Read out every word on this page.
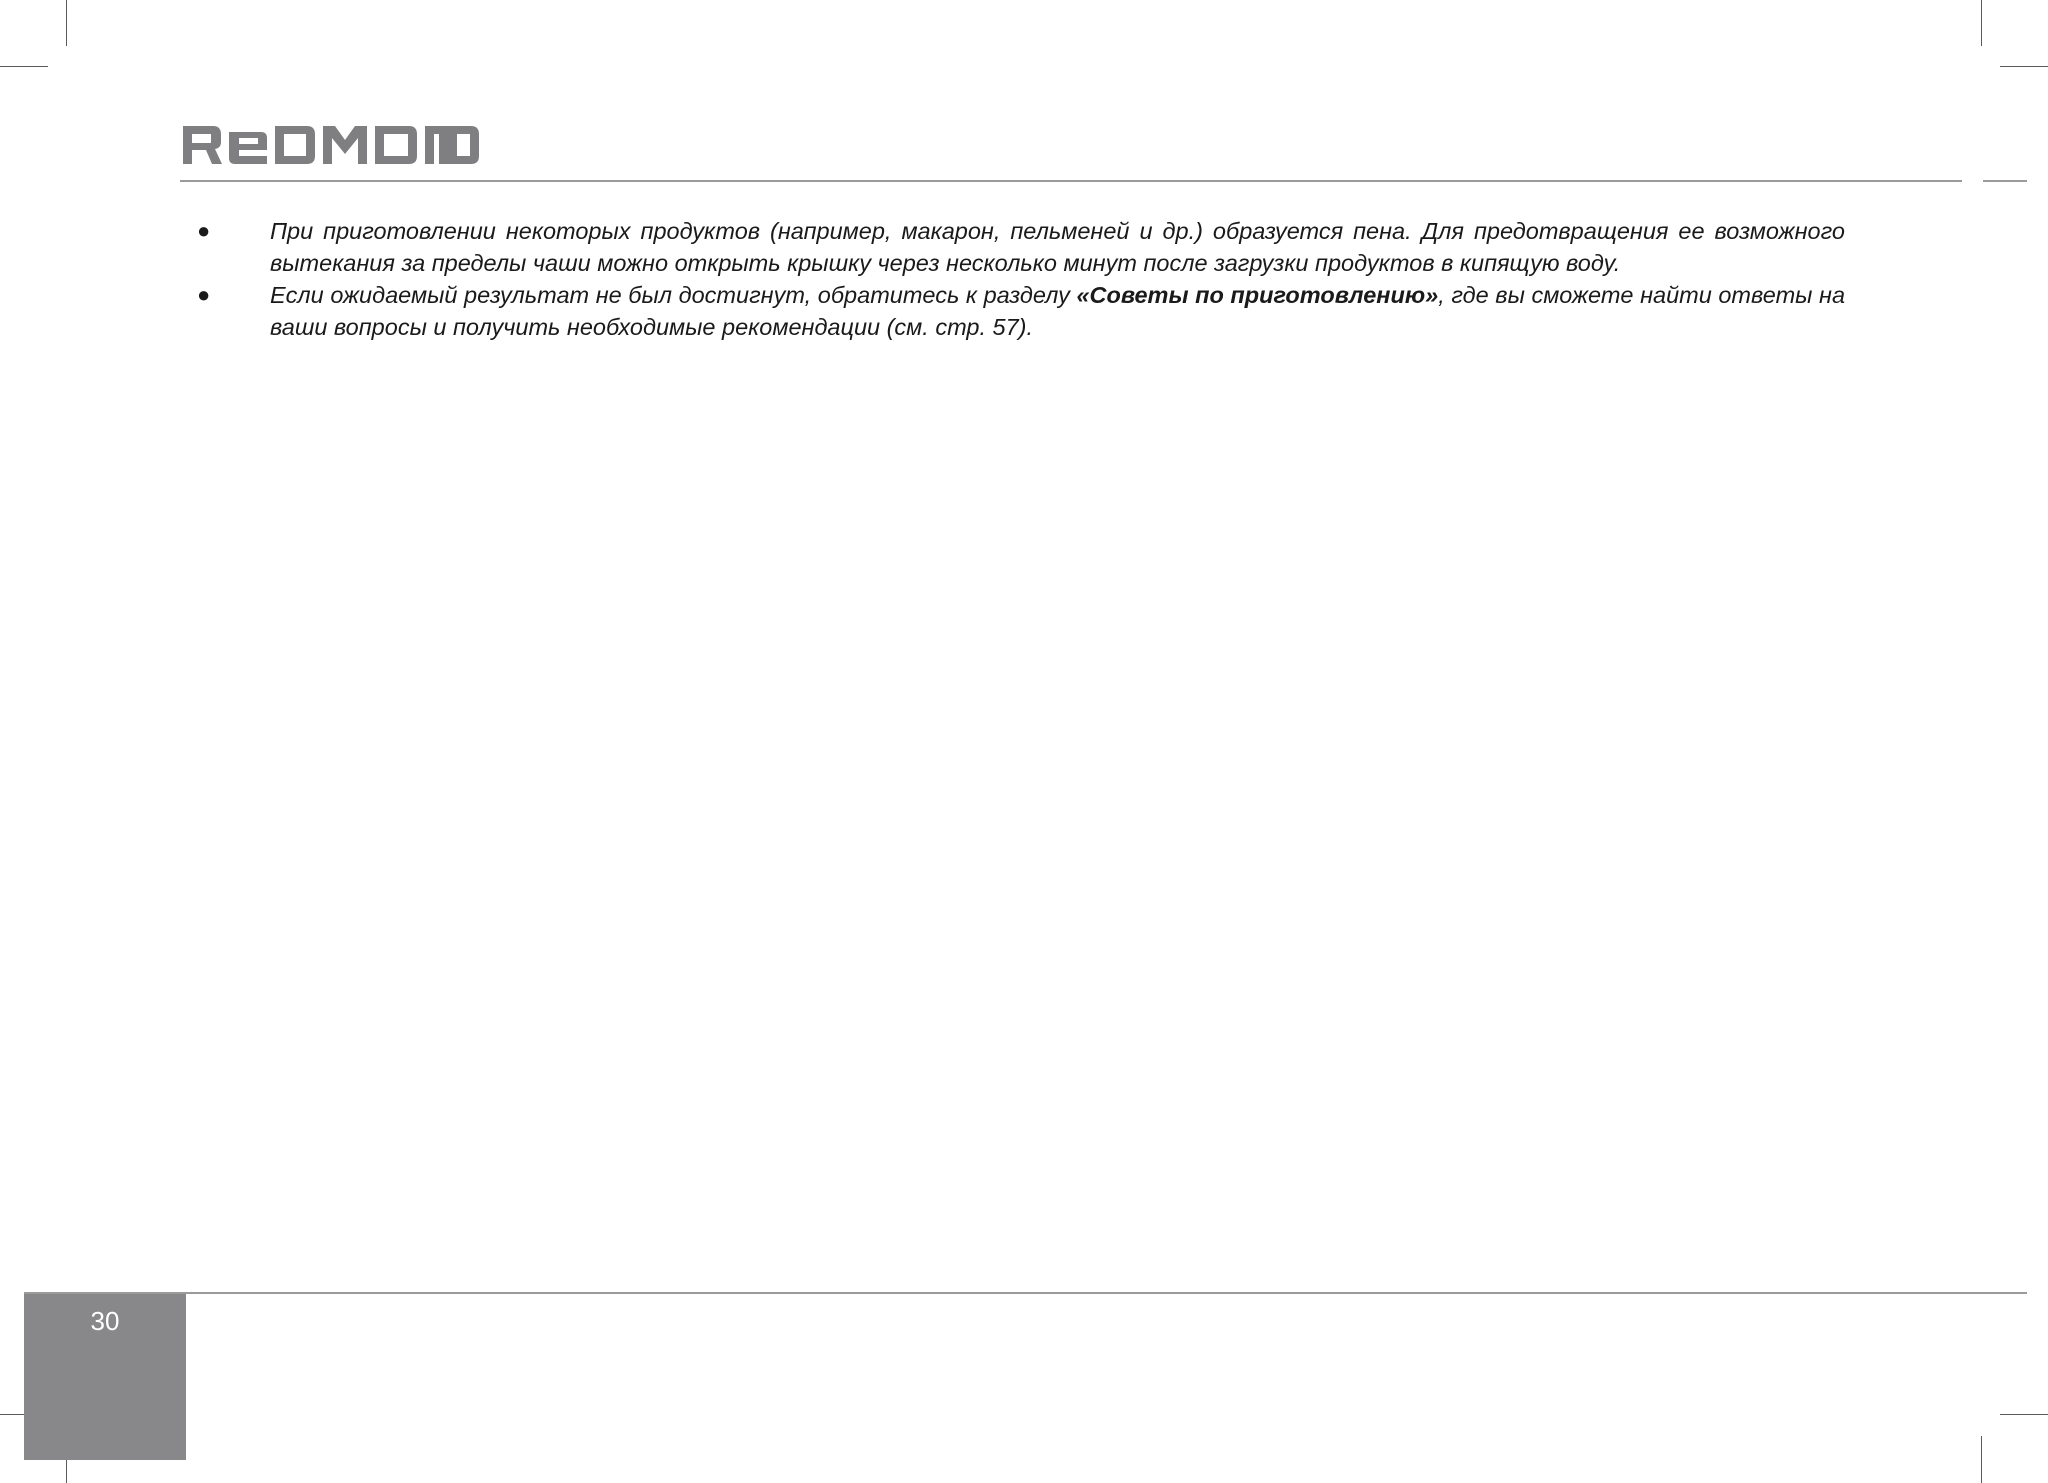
●	При приготовлении некоторых продуктов (например, макарон, пельменей и др.) образуется пена. Для предотвращения ее возможного вытекания за пределы чаши можно открыть крышку через несколько минут после загрузки продуктов в кипящую воду.
●	Если ожидаемый результат не был достигнут, обратитесь к разделу «Советы по приготовлению», где вы сможете найти ответы на ваши вопросы и получить необходимые рекомендации (см. стр. 57).
30
